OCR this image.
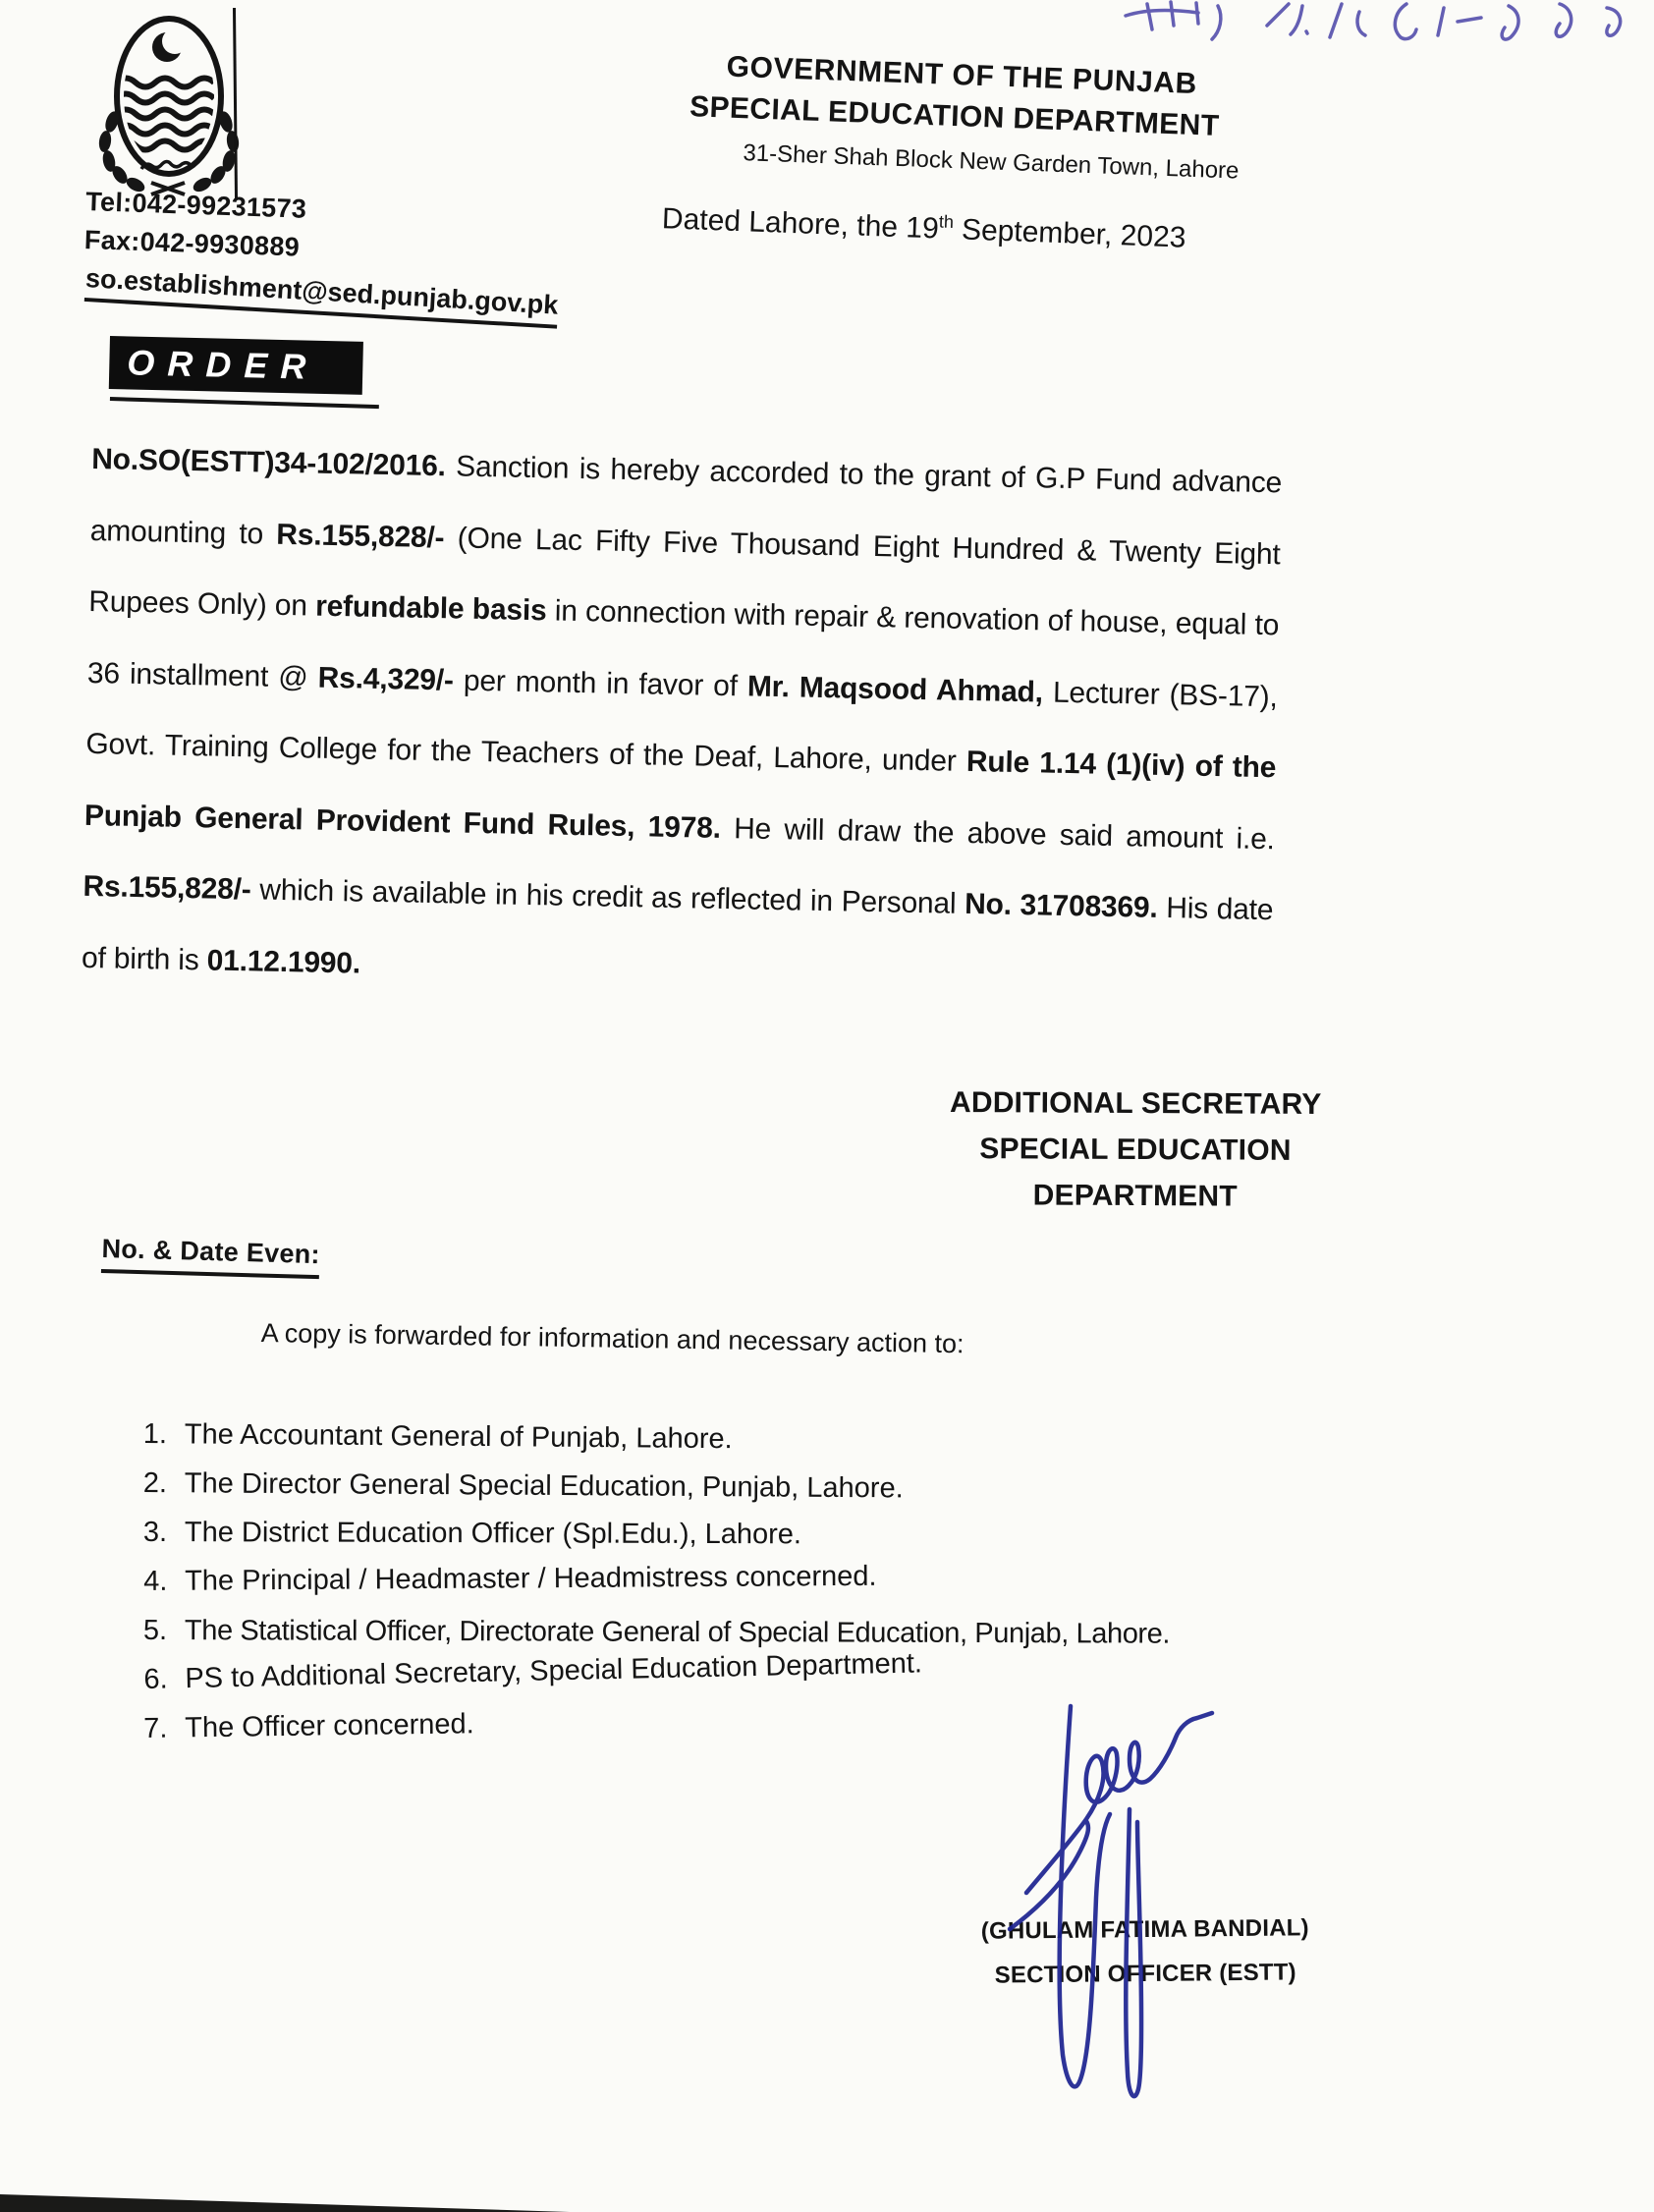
Tel:042-99231573
Fax:042-9930889
so.establishment@sed.punjab.gov.pk
GOVERNMENT OF THE PUNJAB
SPECIAL EDUCATION DEPARTMENT
31-Sher Shah Block New Garden Town, Lahore
Dated Lahore, the 19th September, 2023
ORDER

No.SO(ESTT)34-102/2016. Sanction is hereby accorded to the grant of G.P Fund advance amounting to Rs.155,828/- (One Lac Fifty Five Thousand Eight Hundred & Twenty Eight Rupees Only) on refundable basis in connection with repair & renovation of house, equal to 36 installment @ Rs.4,329/- per month in favor of Mr. Maqsood Ahmad, Lecturer (BS-17), Govt. Training College for the Teachers of the Deaf, Lahore, under Rule 1.14 (1)(iv) of the Punjab General Provident Fund Rules, 1978. He will draw the above said amount i.e. Rs.155,828/- which is available in his credit as reflected in Personal No. 31708369. His date of birth is 01.12.1990.

ADDITIONAL SECRETARY
SPECIAL EDUCATION
DEPARTMENT
No. & Date Even:
A copy is forwarded for information and necessary action to:
1. The Accountant General of Punjab, Lahore.
2. The Director General Special Education, Punjab, Lahore.
3. The District Education Officer (Spl.Edu.), Lahore.
4. The Principal / Headmaster / Headmistress concerned.
5. The Statistical Officer, Directorate General of Special Education, Punjab, Lahore.
6. PS to Additional Secretary, Special Education Department.
7. The Officer concerned.
(GHULAM FATIMA BANDIAL)
SECTION OFFICER (ESTT)
